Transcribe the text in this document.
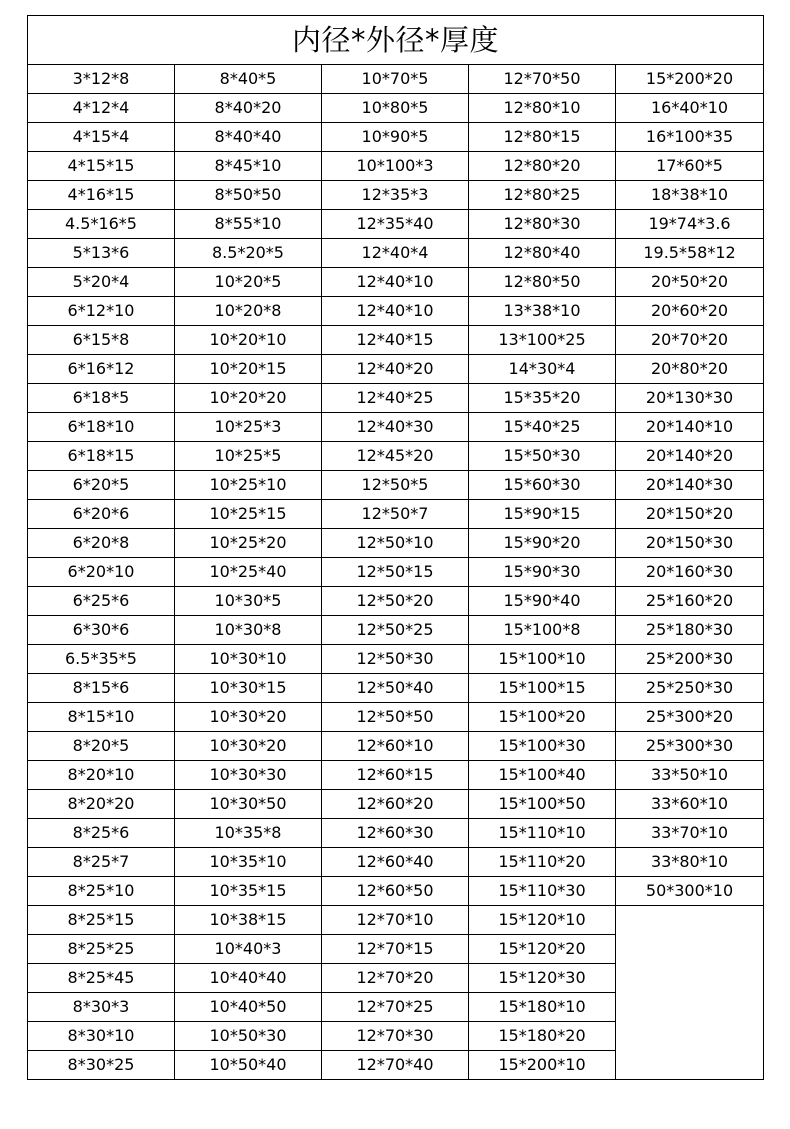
内径*外径*厚度				
3*12*8	8*40*5	10*70*5	12*70*50	15*200*20
4*12*4	8*40*20	10*80*5	12*80*10	16*40*10
4*15*4	8*40*40	10*90*5	12*80*15	16*100*35
4*15*15	8*45*10	10*100*3	12*80*20	17*60*5
4*16*15	8*50*50	12*35*3	12*80*25	18*38*10
4.5*16*5	8*55*10	12*35*40	12*80*30	19*74*3.6
5*13*6	8.5*20*5	12*40*4	12*80*40	19.5*58*12
5*20*4	10*20*5	12*40*10	12*80*50	20*50*20
6*12*10	10*20*8	12*40*10	13*38*10	20*60*20
6*15*8	10*20*10	12*40*15	13*100*25	20*70*20
6*16*12	10*20*15	12*40*20	14*30*4	20*80*20
6*18*5	10*20*20	12*40*25	15*35*20	20*130*30
6*18*10	10*25*3	12*40*30	15*40*25	20*140*10
6*18*15	10*25*5	12*45*20	15*50*30	20*140*20
6*20*5	10*25*10	12*50*5	15*60*30	20*140*30
6*20*6	10*25*15	12*50*7	15*90*15	20*150*20
6*20*8	10*25*20	12*50*10	15*90*20	20*150*30
6*20*10	10*25*40	12*50*15	15*90*30	20*160*30
6*25*6	10*30*5	12*50*20	15*90*40	25*160*20
6*30*6	10*30*8	12*50*25	15*100*8	25*180*30
6.5*35*5	10*30*10	12*50*30	15*100*10	25*200*30
8*15*6	10*30*15	12*50*40	15*100*15	25*250*30
8*15*10	10*30*20	12*50*50	15*100*20	25*300*20
8*20*5	10*30*20	12*60*10	15*100*30	25*300*30
8*20*10	10*30*30	12*60*15	15*100*40	33*50*10
8*20*20	10*30*50	12*60*20	15*100*50	33*60*10
8*25*6	10*35*8	12*60*30	15*110*10	33*70*10
8*25*7	10*35*10	12*60*40	15*110*20	33*80*10
8*25*10	10*35*15	12*60*50	15*110*30	50*300*10
8*25*15	10*38*15	12*70*10	15*120*10	
8*25*25	10*40*3	12*70*15	15*120*20	
8*25*45	10*40*40	12*70*20	15*120*30	
8*30*3	10*40*50	12*70*25	15*180*10	
8*30*10	10*50*30	12*70*30	15*180*20	
8*30*25	10*50*40	12*70*40	15*200*10	
